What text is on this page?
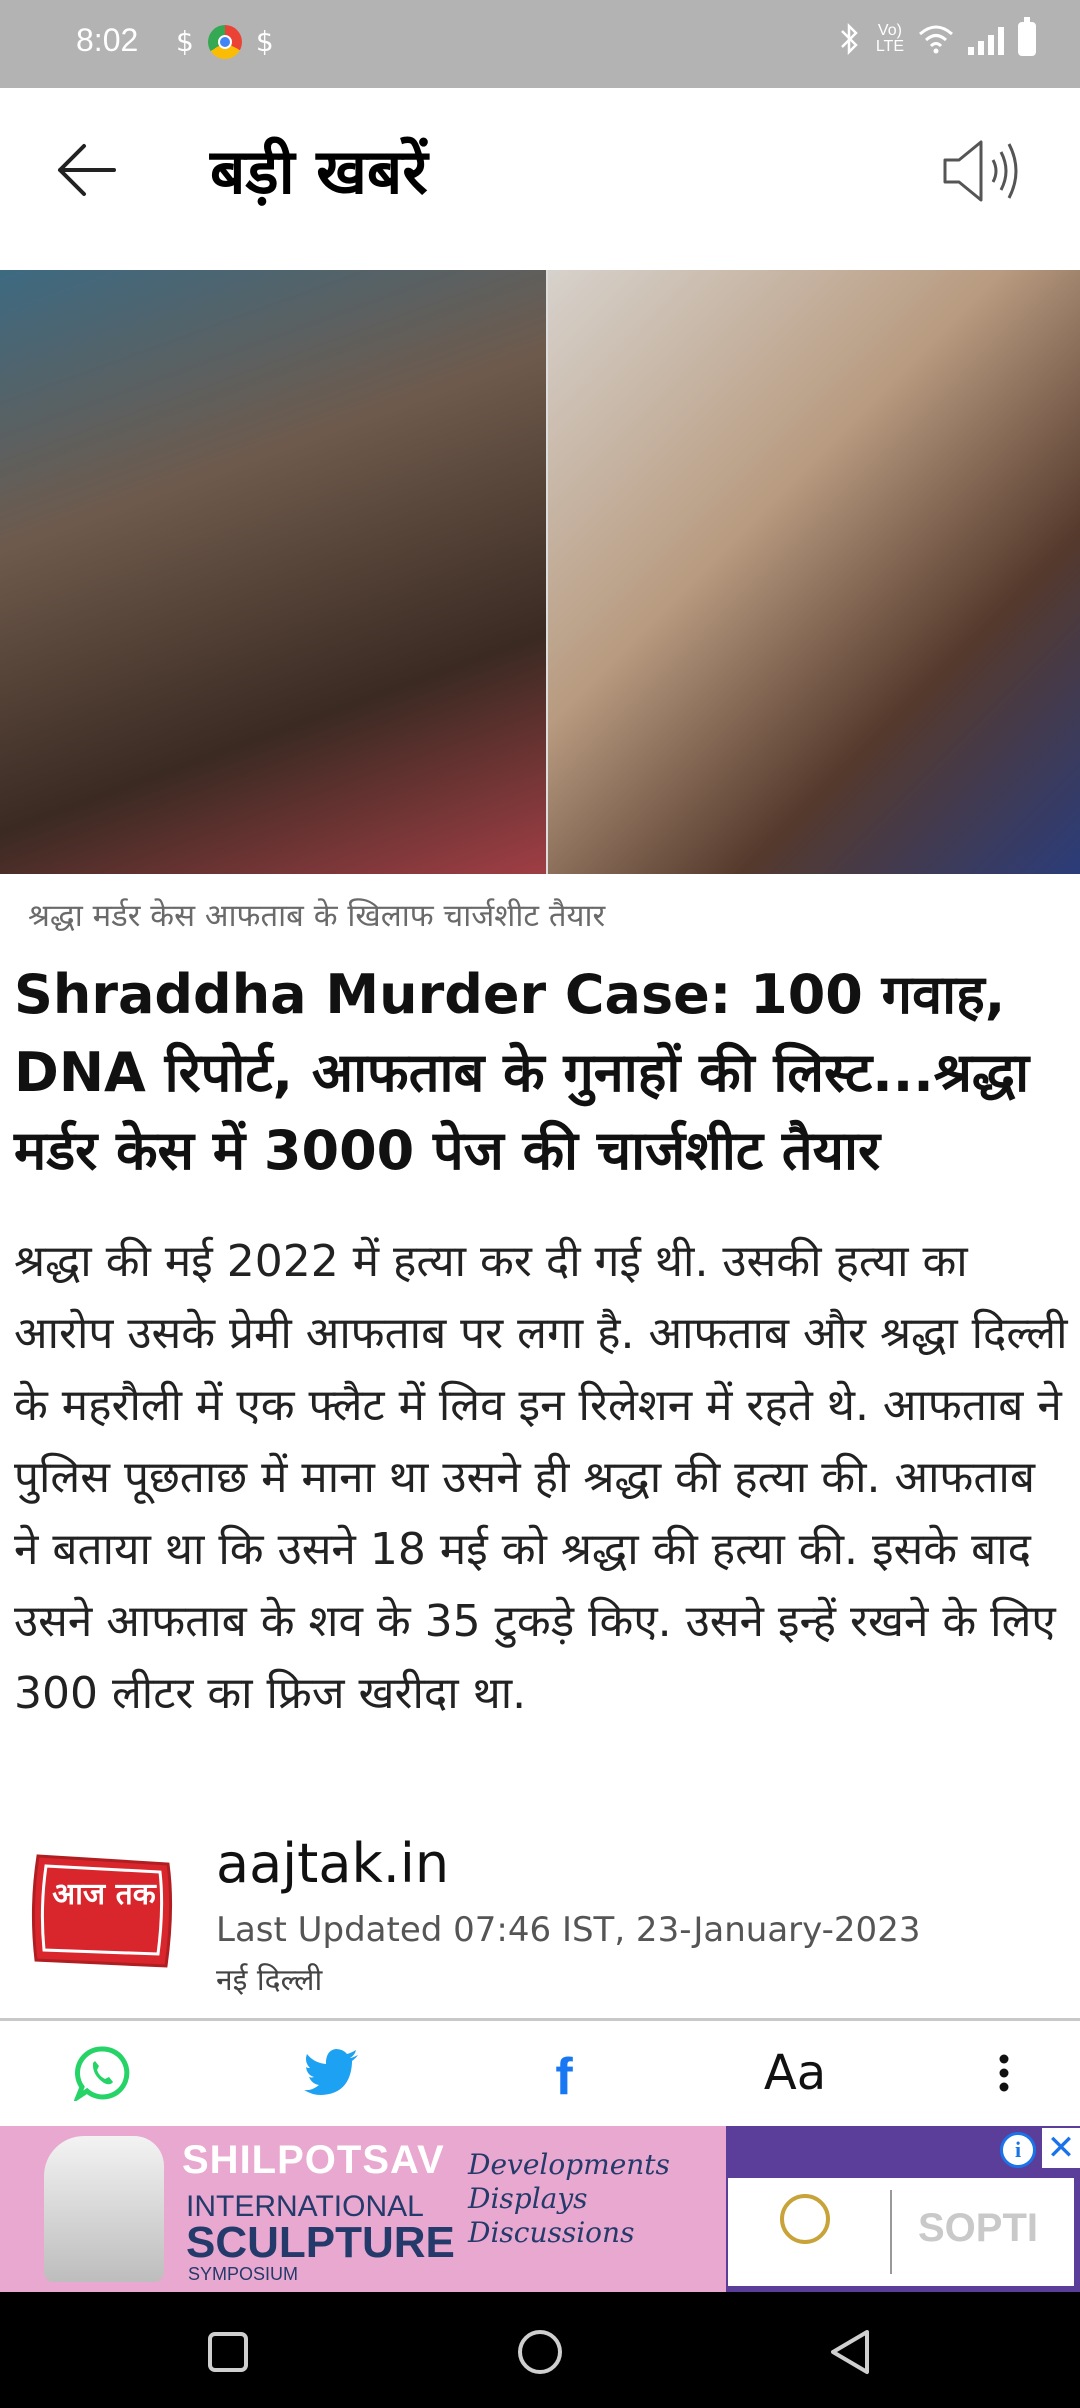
8:02 $ $	Vo)
LTE
बड़ी खबरें
श्रद्धा मर्डर केस आफताब के खिलाफ चार्जशीट तैयार
Shraddha Murder Case: 100 गवाह, DNA रिपोर्ट, आफताब के गुनाहों की लिस्ट...श्रद्धा मर्डर केस में 3000 पेज की चार्जशीट तैयार

श्रद्धा की मई 2022 में हत्या कर दी गई थी. उसकी हत्या का आरोप उसके प्रेमी आफताब पर लगा है. आफताब और श्रद्धा दिल्ली के महरौली में एक फ्लैट में लिव इन रिलेशन में रहते थे. आफताब ने पुलिस पूछताछ में माना था उसने ही श्रद्धा की हत्या की. आफताब ने बताया था कि उसने 18 मई को श्रद्धा की हत्या की. इसके बाद उसने आफताब के शव के 35 टुकड़े किए. उसने इन्हें रखने के लिए 300 लीटर का फ्रिज खरीदा था.

आज तक aajtak.in
Last Updated 07:46 IST, 23-January-2023
नई दिल्ली
f	Aa
SHILPOTSAV
INTERNATIONAL
SCULPTURE
SYMPOSIUM
Developments
Displays
Discussions	SOPTI
i ✕
